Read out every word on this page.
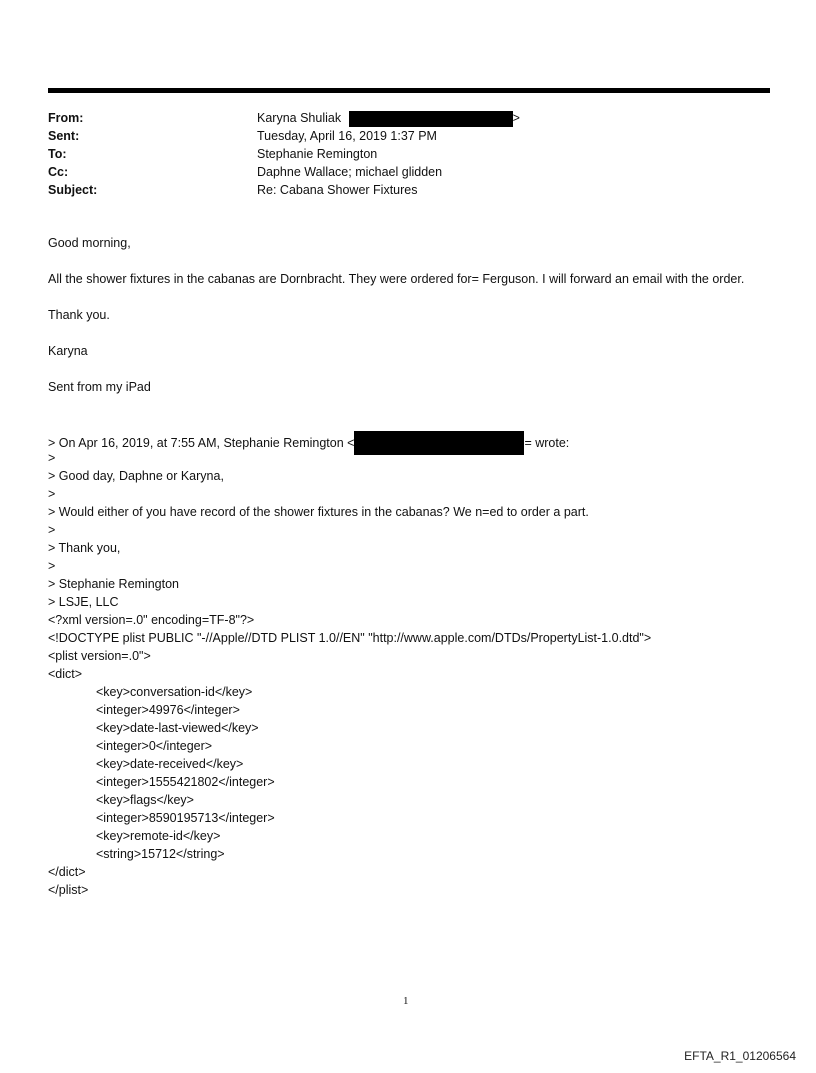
From:	Karyna Shuliak	>
Sent:	Tuesday, April 16, 2019 1:37 PM
To:	Stephanie Remington
Cc:	Daphne Wallace; michael glidden
Subject:	Re: Cabana Shower Fixtures

Good morning,

All the shower fixtures in the cabanas are Dornbracht. They were ordered for= Ferguson. I will forward an email with the order.

Thank you.

Karyna

Sent from my iPad

> On Apr 16, 2019, at 7:55 AM, Stephanie Remington <	= wrote:
>
> Good day, Daphne or Karyna,
>
> Would either of you have record of the shower fixtures in the cabanas? We n=ed to order a part.
>
> Thank you,
>
> Stephanie Remington
> LSJE, LLC
<?xml version=.0" encoding=TF-8"?>
<!DOCTYPE plist PUBLIC "-//Apple//DTD PLIST 1.0//EN" "http://www.apple.com/DTDs/PropertyList-1.0.dtd">
<plist version=.0">
<dict>
<key>conversation-id</key>
<integer>49976</integer>
<key>date-last-viewed</key>
<integer>0</integer>
<key>date-received</key>
<integer>1555421802</integer>
<key>flags</key>
<integer>8590195713</integer>
<key>remote-id</key>
<string>15712</string>
</dict>
</plist>
1
EFTA_R1_01206564
